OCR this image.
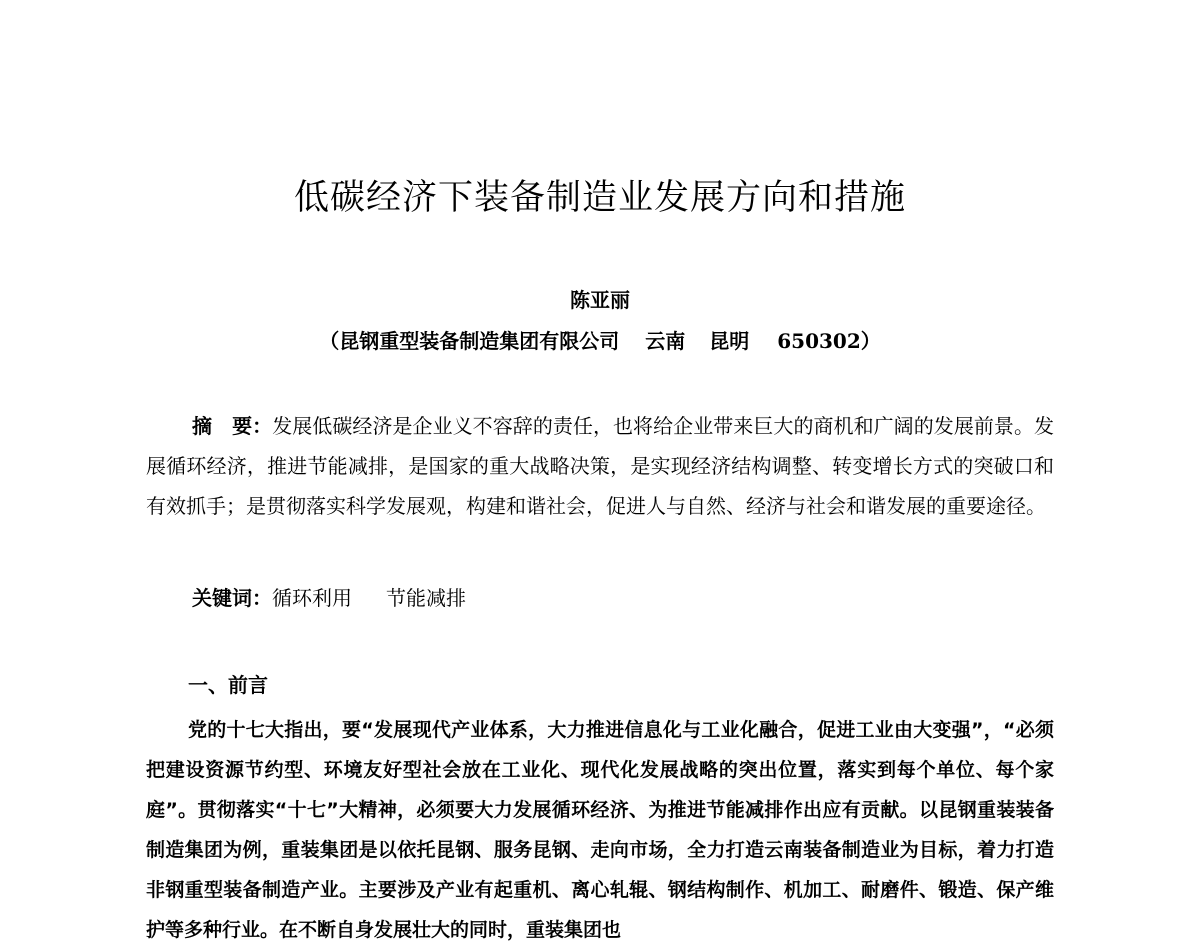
低碳经济下装备制造业发展方向和措施
陈亚丽
（昆钢重型装备制造集团有限公司 云南 昆明 650302）
摘　要：发展低碳经济是企业义不容辞的责任，也将给企业带来巨大的商机和广阔的发展前景。发展循环经济，推进节能减排，是国家的重大战略决策，是实现经济结构调整、转变增长方式的突破口和有效抓手；是贯彻落实科学发展观，构建和谐社会，促进人与自然、经济与社会和谐发展的重要途径。
关键词：循环利用 节能减排
一、前言
党的十七大指出，要“发展现代产业体系，大力推进信息化与工业化融合，促进工业由大变强”，“必须把建设资源节约型、环境友好型社会放在工业化、现代化发展战略的突出位置，落实到每个单位、每个家庭”。贯彻落实“十七”大精神，必须要大力发展循环经济、为推进节能减排作出应有贡献。以昆钢重装装备制造集团为例，重装集团是以依托昆钢、服务昆钢、走向市场，全力打造云南装备制造业为目标，着力打造非钢重型装备制造产业。主要涉及产业有起重机、离心轧辊、钢结构制作、机加工、耐磨件、锻造、保产维护等多种行业。在不断自身发展壮大的同时，重装集团也
